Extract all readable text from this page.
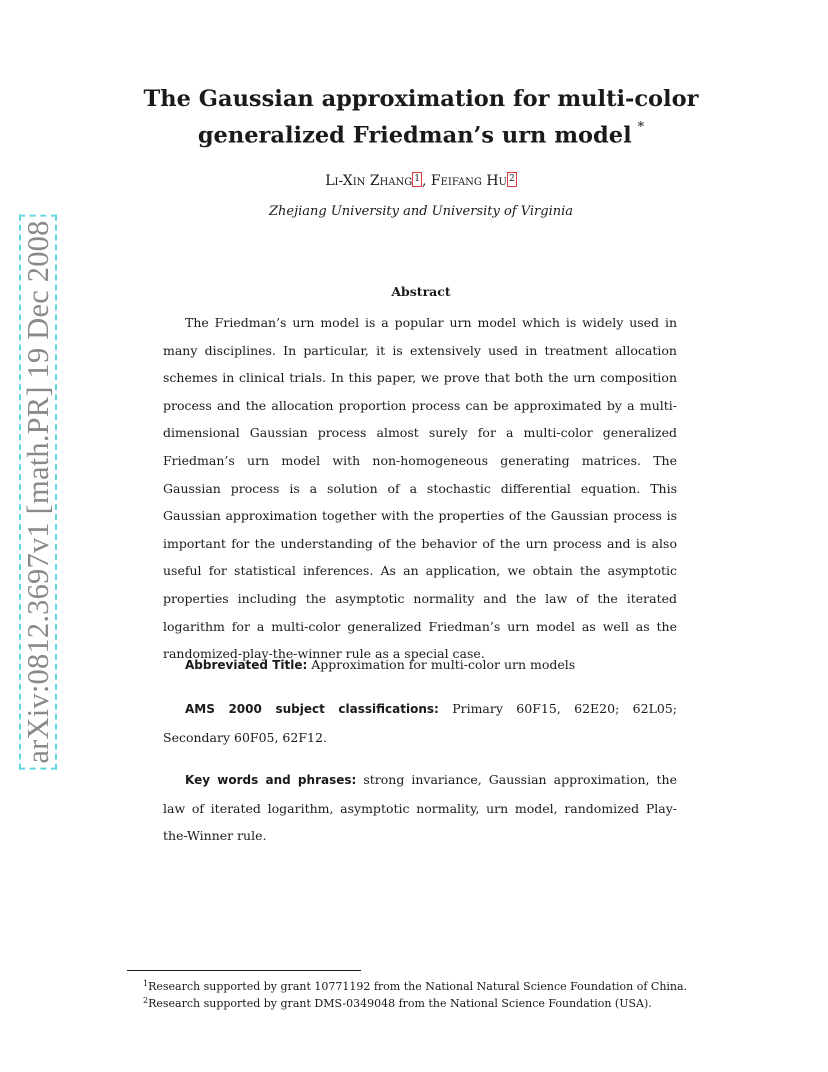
arXiv:0812.3697v1 [math.PR] 19 Dec 2008
The Gaussian approximation for multi-color
generalized Friedman’s urn model *
Li-Xin Zhang 1 , Feifang Hu 2
Zhejiang University and University of Virginia
Abstract

The Friedman’s urn model is a popular urn model which is widely used in many disciplines. In particular, it is extensively used in treatment allocation schemes in clinical trials. In this paper, we prove that both the urn composition process and the allocation proportion process can be approximated by a multi-dimensional Gaussian process almost surely for a multi-color generalized Friedman’s urn model with non-homogeneous generating matrices. The Gaussian process is a solution of a stochastic differential equation. This Gaussian approximation together with the properties of the Gaussian process is important for the understanding of the behavior of the urn process and is also useful for statistical inferences. As an application, we obtain the asymptotic properties including the asymptotic normality and the law of the iterated logarithm for a multi-color generalized Friedman’s urn model as well as the randomized-play-the-winner rule as a special case.

Abbreviated Title: Approximation for multi-color urn models

AMS 2000 subject classifications: Primary 60F15, 62E20; 62L05; Secondary 60F05, 62F12.

Key words and phrases: strong invariance, Gaussian approximation, the law of iterated logarithm, asymptotic normality, urn model, randomized Play-the-Winner rule.

$^1$Research supported by grant 10771192 from the National Natural Science Foundation of China.
$^2$Research supported by grant DMS-0349048 from the National Science Foundation (USA).
